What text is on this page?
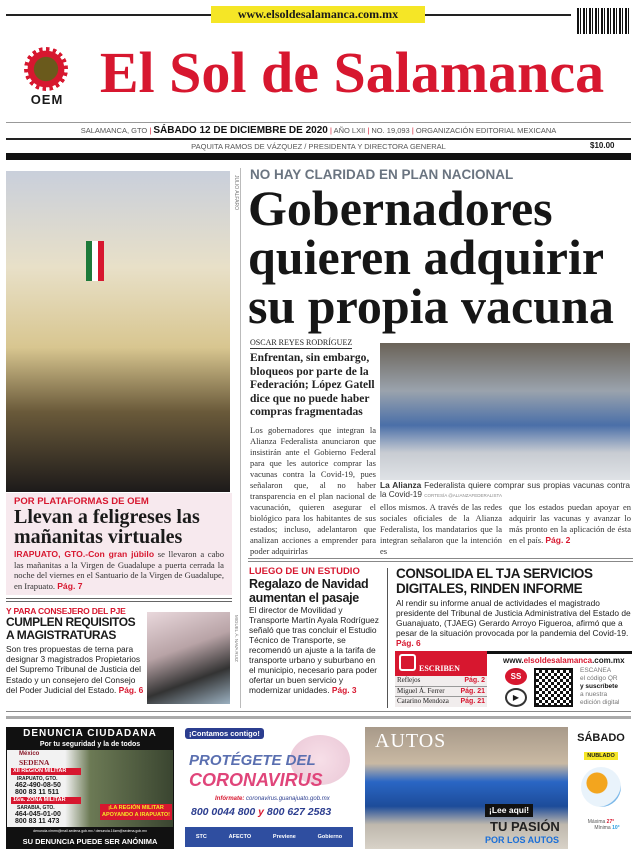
www.elsoldesalamanca.com.mx
OEM El Sol de Salamanca
SALAMANCA, GTO | SÁBADO 12 DE DICIEMBRE DE 2020 | AÑO LXII | NO. 19,093 | ORGANIZACIÓN EDITORIAL MEXICANA
PAQUITA RAMOS DE VÁZQUEZ / PRESIDENTA Y DIRECTORA GENERAL	$10.00
JULIO ALFARO
POR PLATAFORMAS DE OEM
Llevan a feligreses las mañanitas virtuales
IRAPUATO, GTO.-Con gran júbilo se llevaron a cabo las mañanitas a la Virgen de Guadalupe a puerta cerrada la noche del viernes en el Santuario de la Virgen de Guadalupe, en Irapuato. Pág. 7
Y PARA CONSEJERO DEL PJE
CUMPLEN REQUISITOS A MAGISTRATURAS
Son tres propuestas de terna para designar 3 magistrados Propietarios del Supremo Tribunal de Justicia del Estado y un consejero del Consejo del Poder Judicial del Estado. Pág. 6
MIGUEL Á. NAVA RUIZ
NO HAY CLARIDAD EN PLAN NACIONAL
Gobernadores quieren adquirir su propia vacuna
OSCAR REYES RODRÍGUEZ
Enfrentan, sin embargo, bloqueos por parte de la Federación; López Gatell dice que no puede haber compras fragmentadas
Los gobernadores que integran la Alianza Federalista anunciaron que insistirán ante el Gobierno Federal para que les autorice comprar las vacunas contra la Covid-19, pues señalaron que, al no haber transparencia en el plan nacional de vacunación, quieren asegurar el biológico para los habitantes de sus estados; incluso, adelantaron que analizan acciones a emprender para poder adquirirlas
La Alianza Federalista quiere comprar sus propias vacunas contra la Covid-19 CORTESÍA @ALIANZAFEDERALISTA
ellos mismos. A través de las redes sociales oficiales de la Alianza Federalista, los mandatarios que la integran señalaron que la intención es
que los estados puedan apoyar en adquirir las vacunas y avanzar lo más pronto en la aplicación de ésta en el país. Pág. 2
LUEGO DE UN ESTUDIO
Regalazo de Navidad aumentan el pasaje
El director de Movilidad y Transporte Martín Ayala Rodríguez señaló que tras concluir el Estudio Técnico de Transporte, se recomendó un ajuste a la tarifa de transporte urbano y suburbano en el municipio, necesario para poder ofertar un buen servicio y modernizar unidades. Pág. 3
CONSOLIDA EL TJA SERVICIOS DIGITALES, RINDEN INFORME
Al rendir su informe anual de actividades el magistrado presidente del Tribunal de Justicia Administrativa del Estado de Guanajuato, (TJAEG) Gerardo Arroyo Figueroa, afirmó que a pesar de la situación provocada por la pandemia del Covid-19. Pág. 6
ESCRIBEN
Reflejos	Pág. 2
Miguel Á. Ferrer Pág. 21
Catarino Mendoza Pág. 21
www.elsoldesalamanca.com.mx
SS
▶
ESCANEA
el código QR
y suscríbete
a nuestra
edición digital
DENUNCIA CIUDADANA
Por tu seguridad y la de todos
México
SEDENA
XII REGIÓN MILITAR
IRAPUATO, GTO.
462-490-08-50
800 83 11 511
16/a. ZONA MILITAR
SARABIA, GTO.
464-045-01-00
800 83 11 473
¡LA REGIÓN MILITAR APOYANDO A IRAPUATO!
denuncia.ximrm@mail.sedena.gob.mx / denuncia.16zm@sedena.gob.mx
SU DENUNCIA PUEDE SER ANÓNIMA
¡Contamos contigo!
PROTÉGETE DEL
CORONAVIRUS
Infórmate: coronavirus.guanajuato.gob.mx
800 0044 800 y 800 627 2583
STC	AFECTO	Previene	Gobierno
AUTOS
¡Lee aquí!
TU PASIÓN
POR LOS AUTOS
SÁBADO
NUBLADO
Máxima 27°
Mínima 10°
